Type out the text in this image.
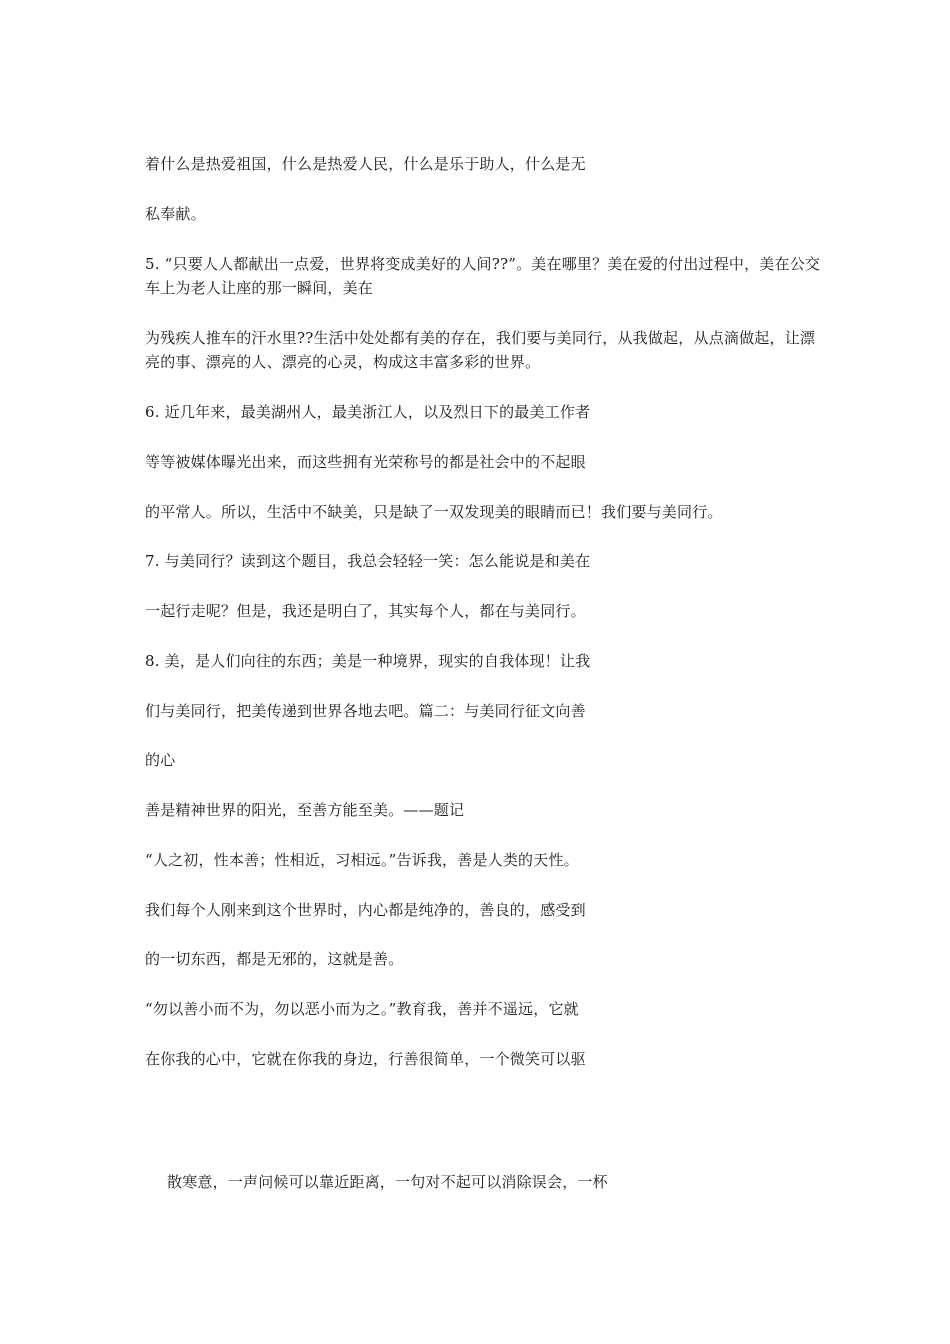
着什么是热爱祖国，什么是热爱人民，什么是乐于助人，什么是无
私奉献。
5. “只要人人都献出一点爱，世界将变成美好的人间??”。美在哪里？美在爱的付出过程中，美在公交车上为老人让座的那一瞬间，美在
为残疾人推车的汗水里??生活中处处都有美的存在，我们要与美同行，从我做起，从点滴做起，让漂亮的事、漂亮的人、漂亮的心灵，构成这丰富多彩的世界。
6. 近几年来，最美湖州人，最美浙江人，以及烈日下的最美工作者
等等被媒体曝光出来，而这些拥有光荣称号的都是社会中的不起眼
的平常人。所以，生活中不缺美，只是缺了一双发现美的眼睛而已！我们要与美同行。
7. 与美同行？读到这个题目，我总会轻轻一笑：怎么能说是和美在
一起行走呢？但是，我还是明白了，其实每个人，都在与美同行。
8. 美，是人们向往的东西；美是一种境界，现实的自我体现！让我
们与美同行，把美传递到世界各地去吧。篇二：与美同行征文向善
的心
善是精神世界的阳光，至善方能至美。——题记
“人之初，性本善；性相近，习相远。”告诉我，善是人类的天性。
我们每个人刚来到这个世界时，内心都是纯净的，善良的，感受到
的一切东西，都是无邪的，这就是善。
“勿以善小而不为，勿以恶小而为之。”教育我，善并不遥远，它就
在你我的心中，它就在你我的身边，行善很简单，一个微笑可以驱
散寒意，一声问候可以靠近距离，一句对不起可以消除误会，一杯
